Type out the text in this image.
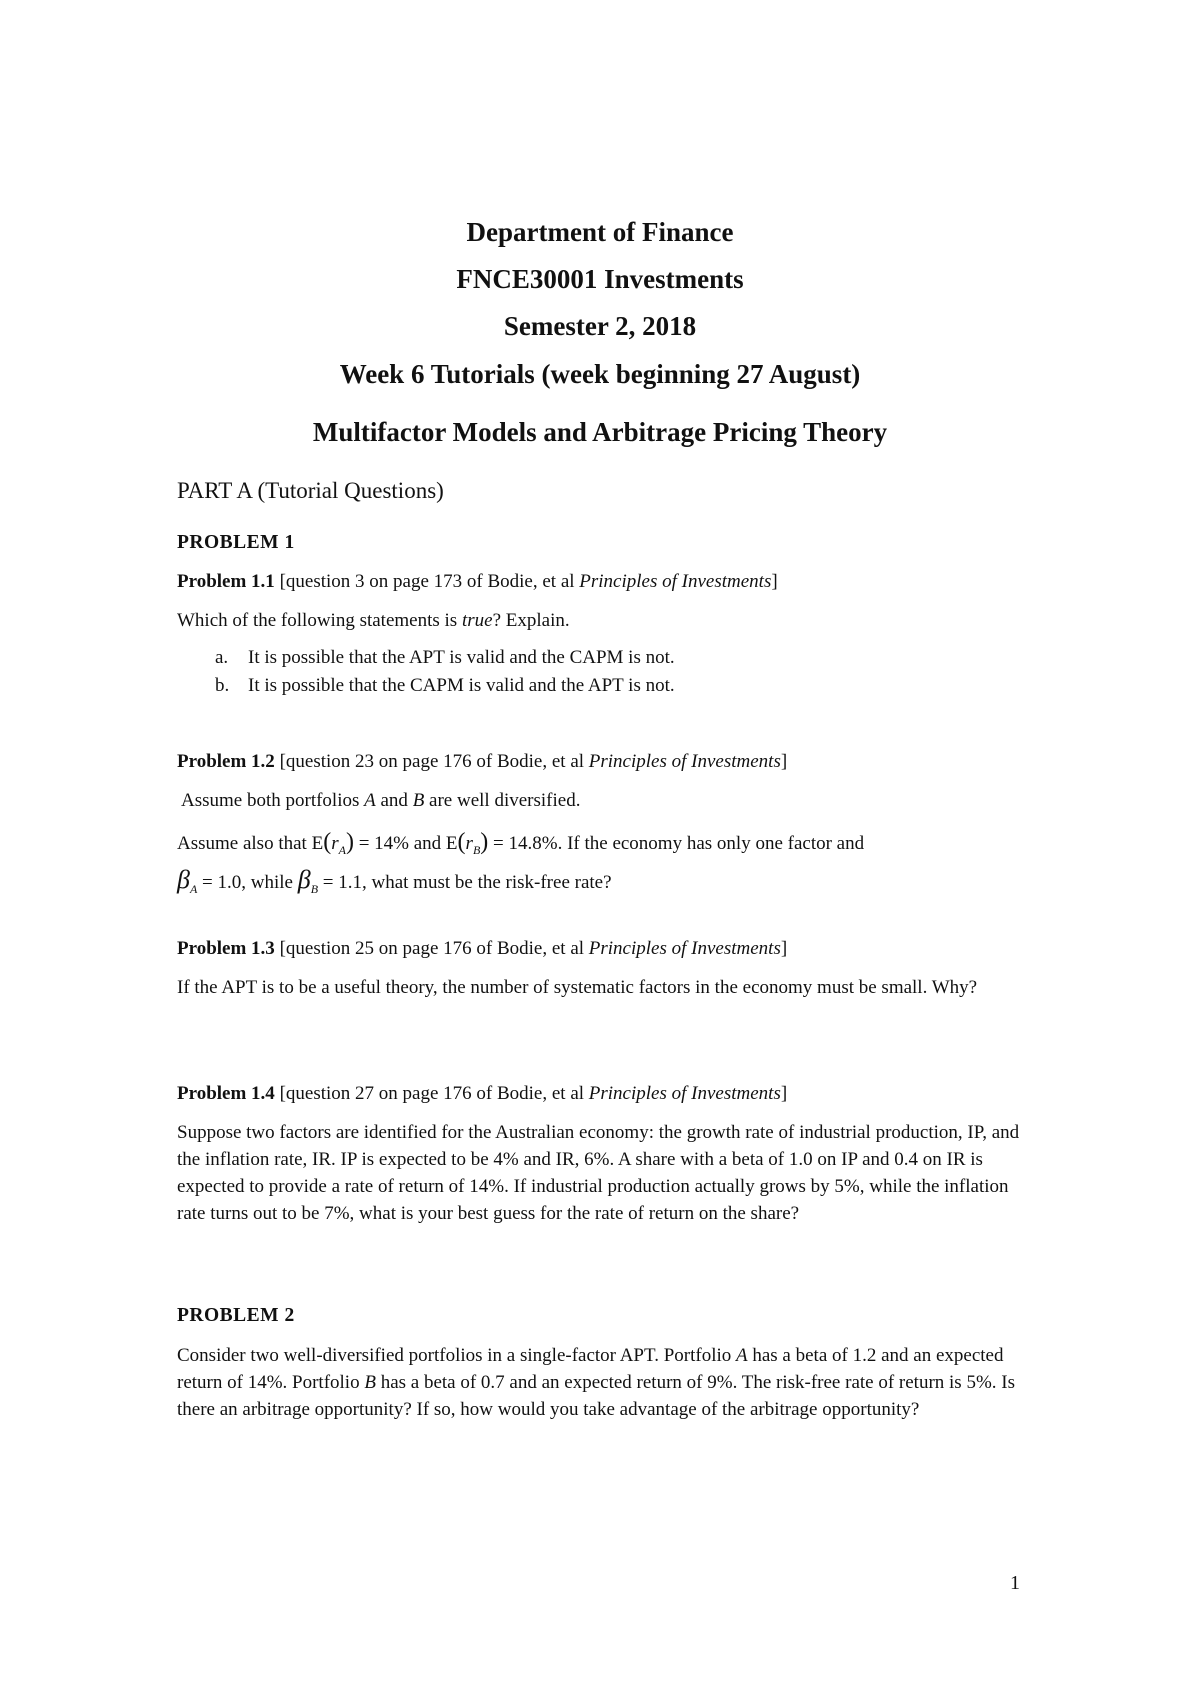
Department of Finance
FNCE30001 Investments
Semester 2, 2018
Week 6 Tutorials (week beginning 27 August)
Multifactor Models and Arbitrage Pricing Theory
PART A (Tutorial Questions)
PROBLEM 1
Problem 1.1 [question 3 on page 173 of Bodie, et al Principles of Investments]
Which of the following statements is true? Explain.
a. It is possible that the APT is valid and the CAPM is not.
b. It is possible that the CAPM is valid and the APT is not.
Problem 1.2 [question 23 on page 176 of Bodie, et al Principles of Investments]
Assume both portfolios A and B are well diversified.
Assume also that $E(r_A) = 14\%$ and $E(r_B) = 14.8\%$. If the economy has only one factor and
$\beta_A = 1.0$, while $\beta_B = 1.1$, what must be the risk-free rate?
Problem 1.3 [question 25 on page 176 of Bodie, et al Principles of Investments]
If the APT is to be a useful theory, the number of systematic factors in the economy must be small. Why?
Problem 1.4 [question 27 on page 176 of Bodie, et al Principles of Investments]
Suppose two factors are identified for the Australian economy: the growth rate of industrial production, IP, and the inflation rate, IR. IP is expected to be 4% and IR, 6%. A share with a beta of 1.0 on IP and 0.4 on IR is expected to provide a rate of return of 14%. If industrial production actually grows by 5%, while the inflation rate turns out to be 7%, what is your best guess for the rate of return on the share?
PROBLEM 2
Consider two well-diversified portfolios in a single-factor APT. Portfolio A has a beta of 1.2 and an expected return of 14%. Portfolio B has a beta of 0.7 and an expected return of 9%. The risk-free rate of return is 5%. Is there an arbitrage opportunity? If so, how would you take advantage of the arbitrage opportunity?
1
